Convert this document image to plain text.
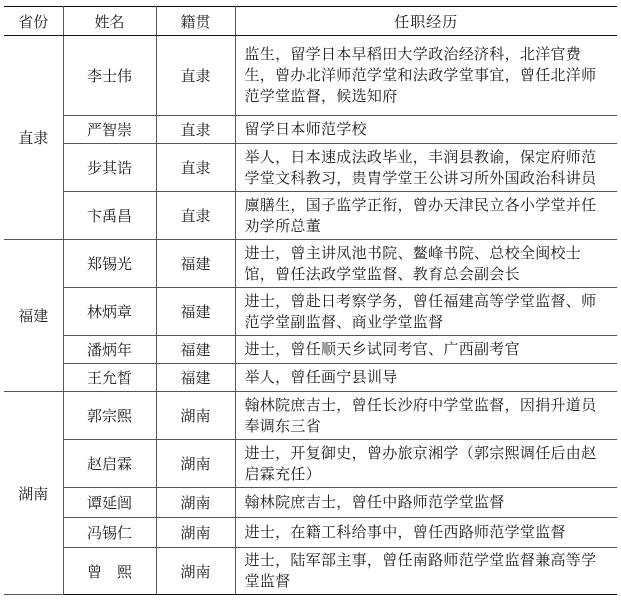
省份	姓名	籍贯	任职经历
直隶	李士伟	直隶	监生，留学日本早稻田大学政治经济科，北洋官费生，曾办北洋师范学堂和法政学堂事宜，曾任北洋师范学堂监督，候选知府
	严智崇	直隶	留学日本师范学校
	步其诰	直隶	举人，日本速成法政毕业，丰润县教谕，保定府师范学堂文科教习，贵胄学堂王公讲习所外国政治科讲员
	卞禹昌	直隶	廪膳生，国子监学正衔，曾办天津民立各小学堂并任劝学所总董
福建	郑锡光	福建	进士，曾主讲凤池书院、鳌峰书院、总校全闽校士馆，曾任法政学堂监督、教育总会副会长
	林炳章	福建	进士，曾赴日考察学务，曾任福建高等学堂监督、师范学堂副监督、商业学堂监督
	潘炳年	福建	进士，曾任顺天乡试同考官、广西副考官
	王允皙	福建	举人，曾任画宁县训导
湖南	郭宗熙	湖南	翰林院庶吉士，曾任长沙府中学堂监督，因捐升道员奉调东三省
	赵启霖	湖南	进士，开复御史，曾办旅京湘学（郭宗熙调任后由赵启霖充任）
	谭延闿	湖南	翰林院庶吉士，曾任中路师范学堂监督
	冯锡仁	湖南	进士，在籍工科给事中，曾任西路师范学堂监督
	曾　熙	湖南	进士，陆军部主事，曾任南路师范学堂监督兼高等学堂监督
